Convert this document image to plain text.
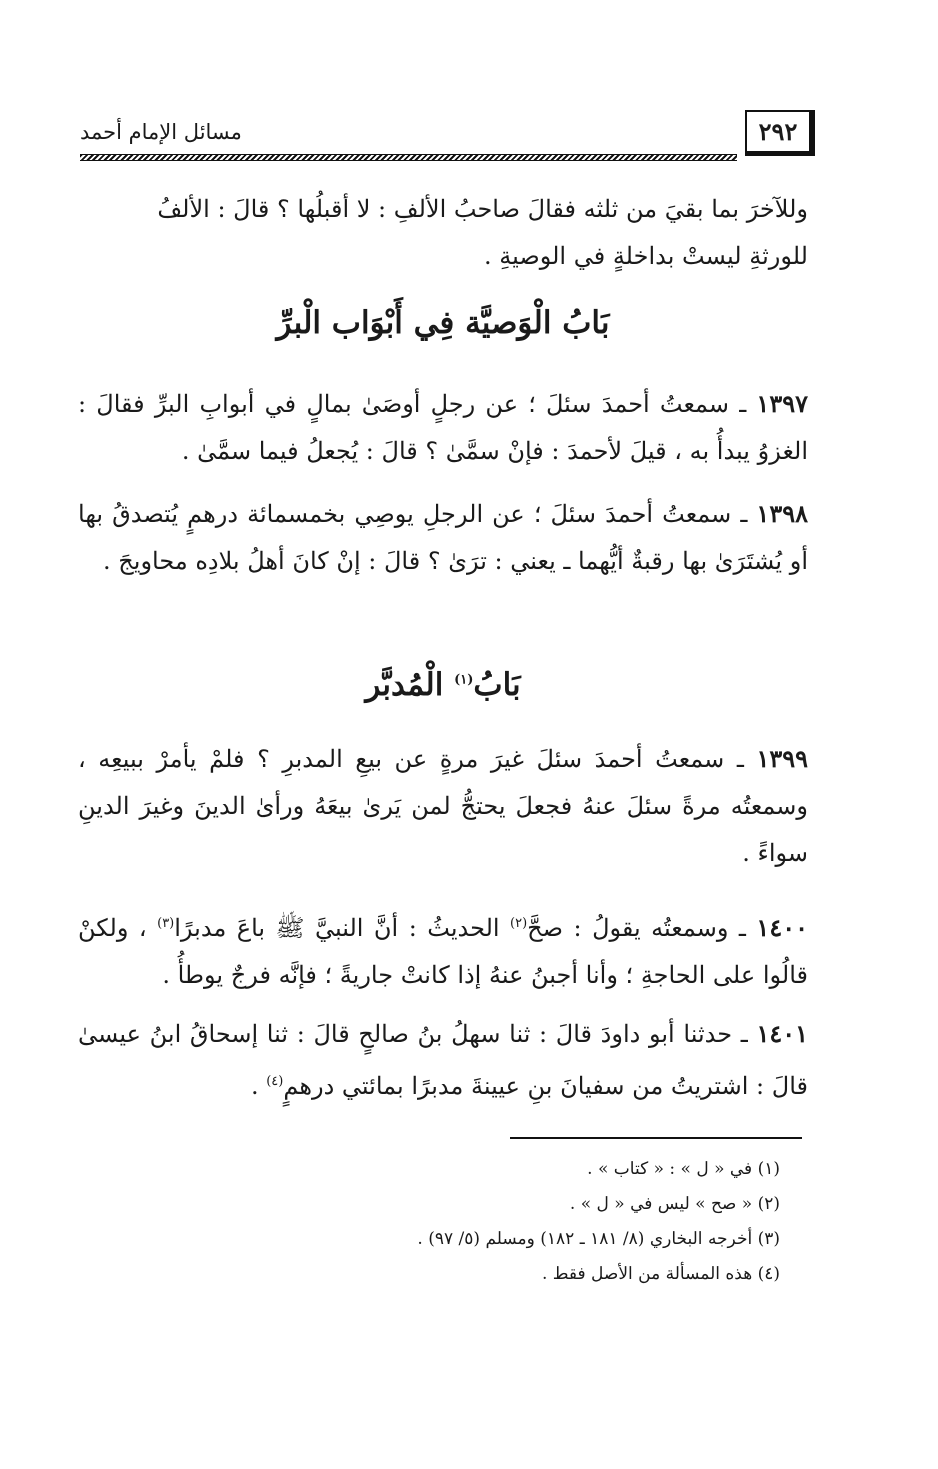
مسائل الإمام أحمد	٢٩٢

وللآخرَ بما بقيَ من ثلثه فقالَ صاحبُ الألفِ : لا أقبلُها ؟ قالَ : الألفُ

للورثةِ ليستْ بداخلةٍ في الوصيةِ .

بَابُ الْوَصيَّة فِي أَبْوَاب الْبرِّ

١٣٩٧ ـ سمعتُ أحمدَ سئلَ ؛ عن رجلٍ أوصَىٰ بمالٍ في أبوابِ البرِّ فقالَ : الغزوُ يبدأُ به ، قيلَ لأحمدَ : فإنْ سمَّىٰ ؟ قالَ : يُجعلُ فيما سمَّىٰ .

١٣٩٨ ـ سمعتُ أحمدَ سئلَ ؛ عن الرجلِ يوصِي بخمسمائة درهمٍ يُتصدقُ بها أو يُشتَرَىٰ بها رقبةٌ أيُّهما ـ يعني : ترَىٰ ؟ قالَ : إنْ كانَ أهلُ بلادِه محاويجَ .

بَابُ$^{(١)}$ الْمُدبَّر

١٣٩٩ ـ سمعتُ أحمدَ سئلَ غيرَ مرةٍ عن بيعِ المدبرِ ؟ فلمْ يأمرْ ببيعِه ، وسمعتُه مرةً سئلَ عنهُ فجعلَ يحتجُّ لمن يَرىٰ بيعَهُ ورأىٰ الدينَ وغيرَ الدينِ سواءً .

١٤٠٠ ـ وسمعتُه يقولُ : صحَّ$^{(٢)}$ الحديثُ : أنَّ النبيَّ ﷺ باعَ مدبرًا$^{(٣)}$ ، ولكنْ قالُوا على الحاجةِ ؛ وأنا أجبنُ عنهُ إذا كانتْ جاريةً ؛ فإنَّه فرجٌ يوطأُ .

١٤٠١ ـ حدثنا أبو داودَ قالَ : ثنا سهلُ بنُ صالحٍ قالَ : ثنا إسحاقُ ابنُ عيسىٰ قالَ : اشتريتُ من سفيانَ بنِ عيينةَ مدبرًا بمائتي درهمٍ$^{(٤)}$ .

(١) في « ل » : « كتاب » .

(٢) « صح » ليس في « ل » .

(٣) أخرجه البخاري (٨/ ١٨١ ـ ١٨٢) ومسلم (٥/ ٩٧) .

(٤) هذه المسألة من الأصل فقط .
